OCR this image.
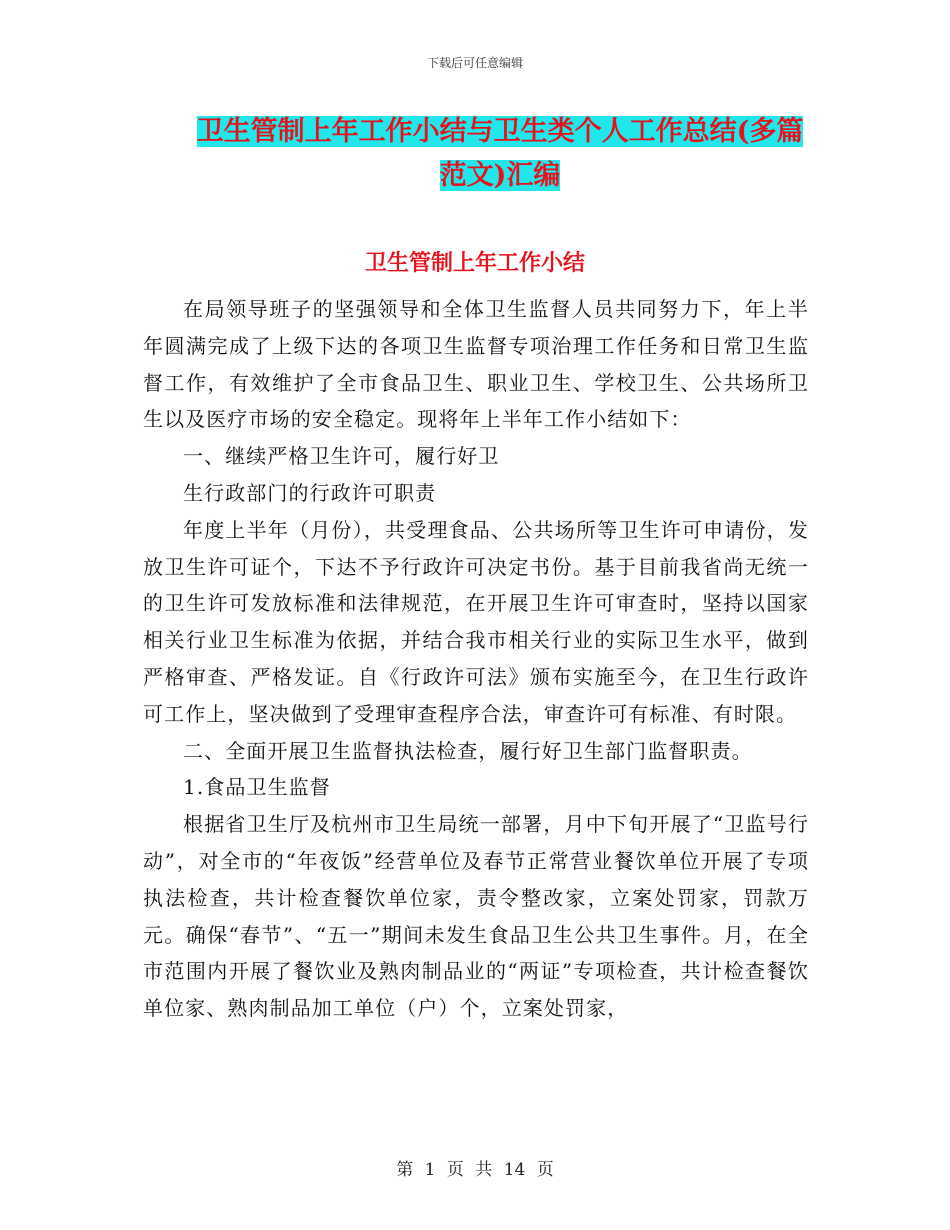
下载后可任意编辑
卫生管制上年工作小结与卫生类个人工作总结(多篇范文)汇编
卫生管制上年工作小结

在局领导班子的坚强领导和全体卫生监督人员共同努力下，年上半年圆满完成了上级下达的各项卫生监督专项治理工作任务和日常卫生监督工作，有效维护了全市食品卫生、职业卫生、学校卫生、公共场所卫生以及医疗市场的安全稳定。现将年上半年工作小结如下：

一、继续严格卫生许可，履行好卫

生行政部门的行政许可职责

年度上半年（月份），共受理食品、公共场所等卫生许可申请份，发放卫生许可证个，下达不予行政许可决定书份。基于目前我省尚无统一的卫生许可发放标准和法律规范，在开展卫生许可审查时，坚持以国家相关行业卫生标准为依据，并结合我市相关行业的实际卫生水平，做到严格审查、严格发证。自《行政许可法》颁布实施至今，在卫生行政许可工作上，坚决做到了受理审查程序合法，审查许可有标准、有时限。

二、全面开展卫生监督执法检查，履行好卫生部门监督职责。

1.食品卫生监督

根据省卫生厅及杭州市卫生局统一部署，月中下旬开展了“卫监号行动”，对全市的“年夜饭”经营单位及春节正常营业餐饮单位开展了专项执法检查，共计检查餐饮单位家，责令整改家，立案处罚家，罚款万元。确保“春节”、“五一”期间未发生食品卫生公共卫生事件。月，在全市范围内开展了餐饮业及熟肉制品业的“两证”专项检查，共计检查餐饮单位家、熟肉制品加工单位（户）个，立案处罚家，

第 1 页 共 14 页
